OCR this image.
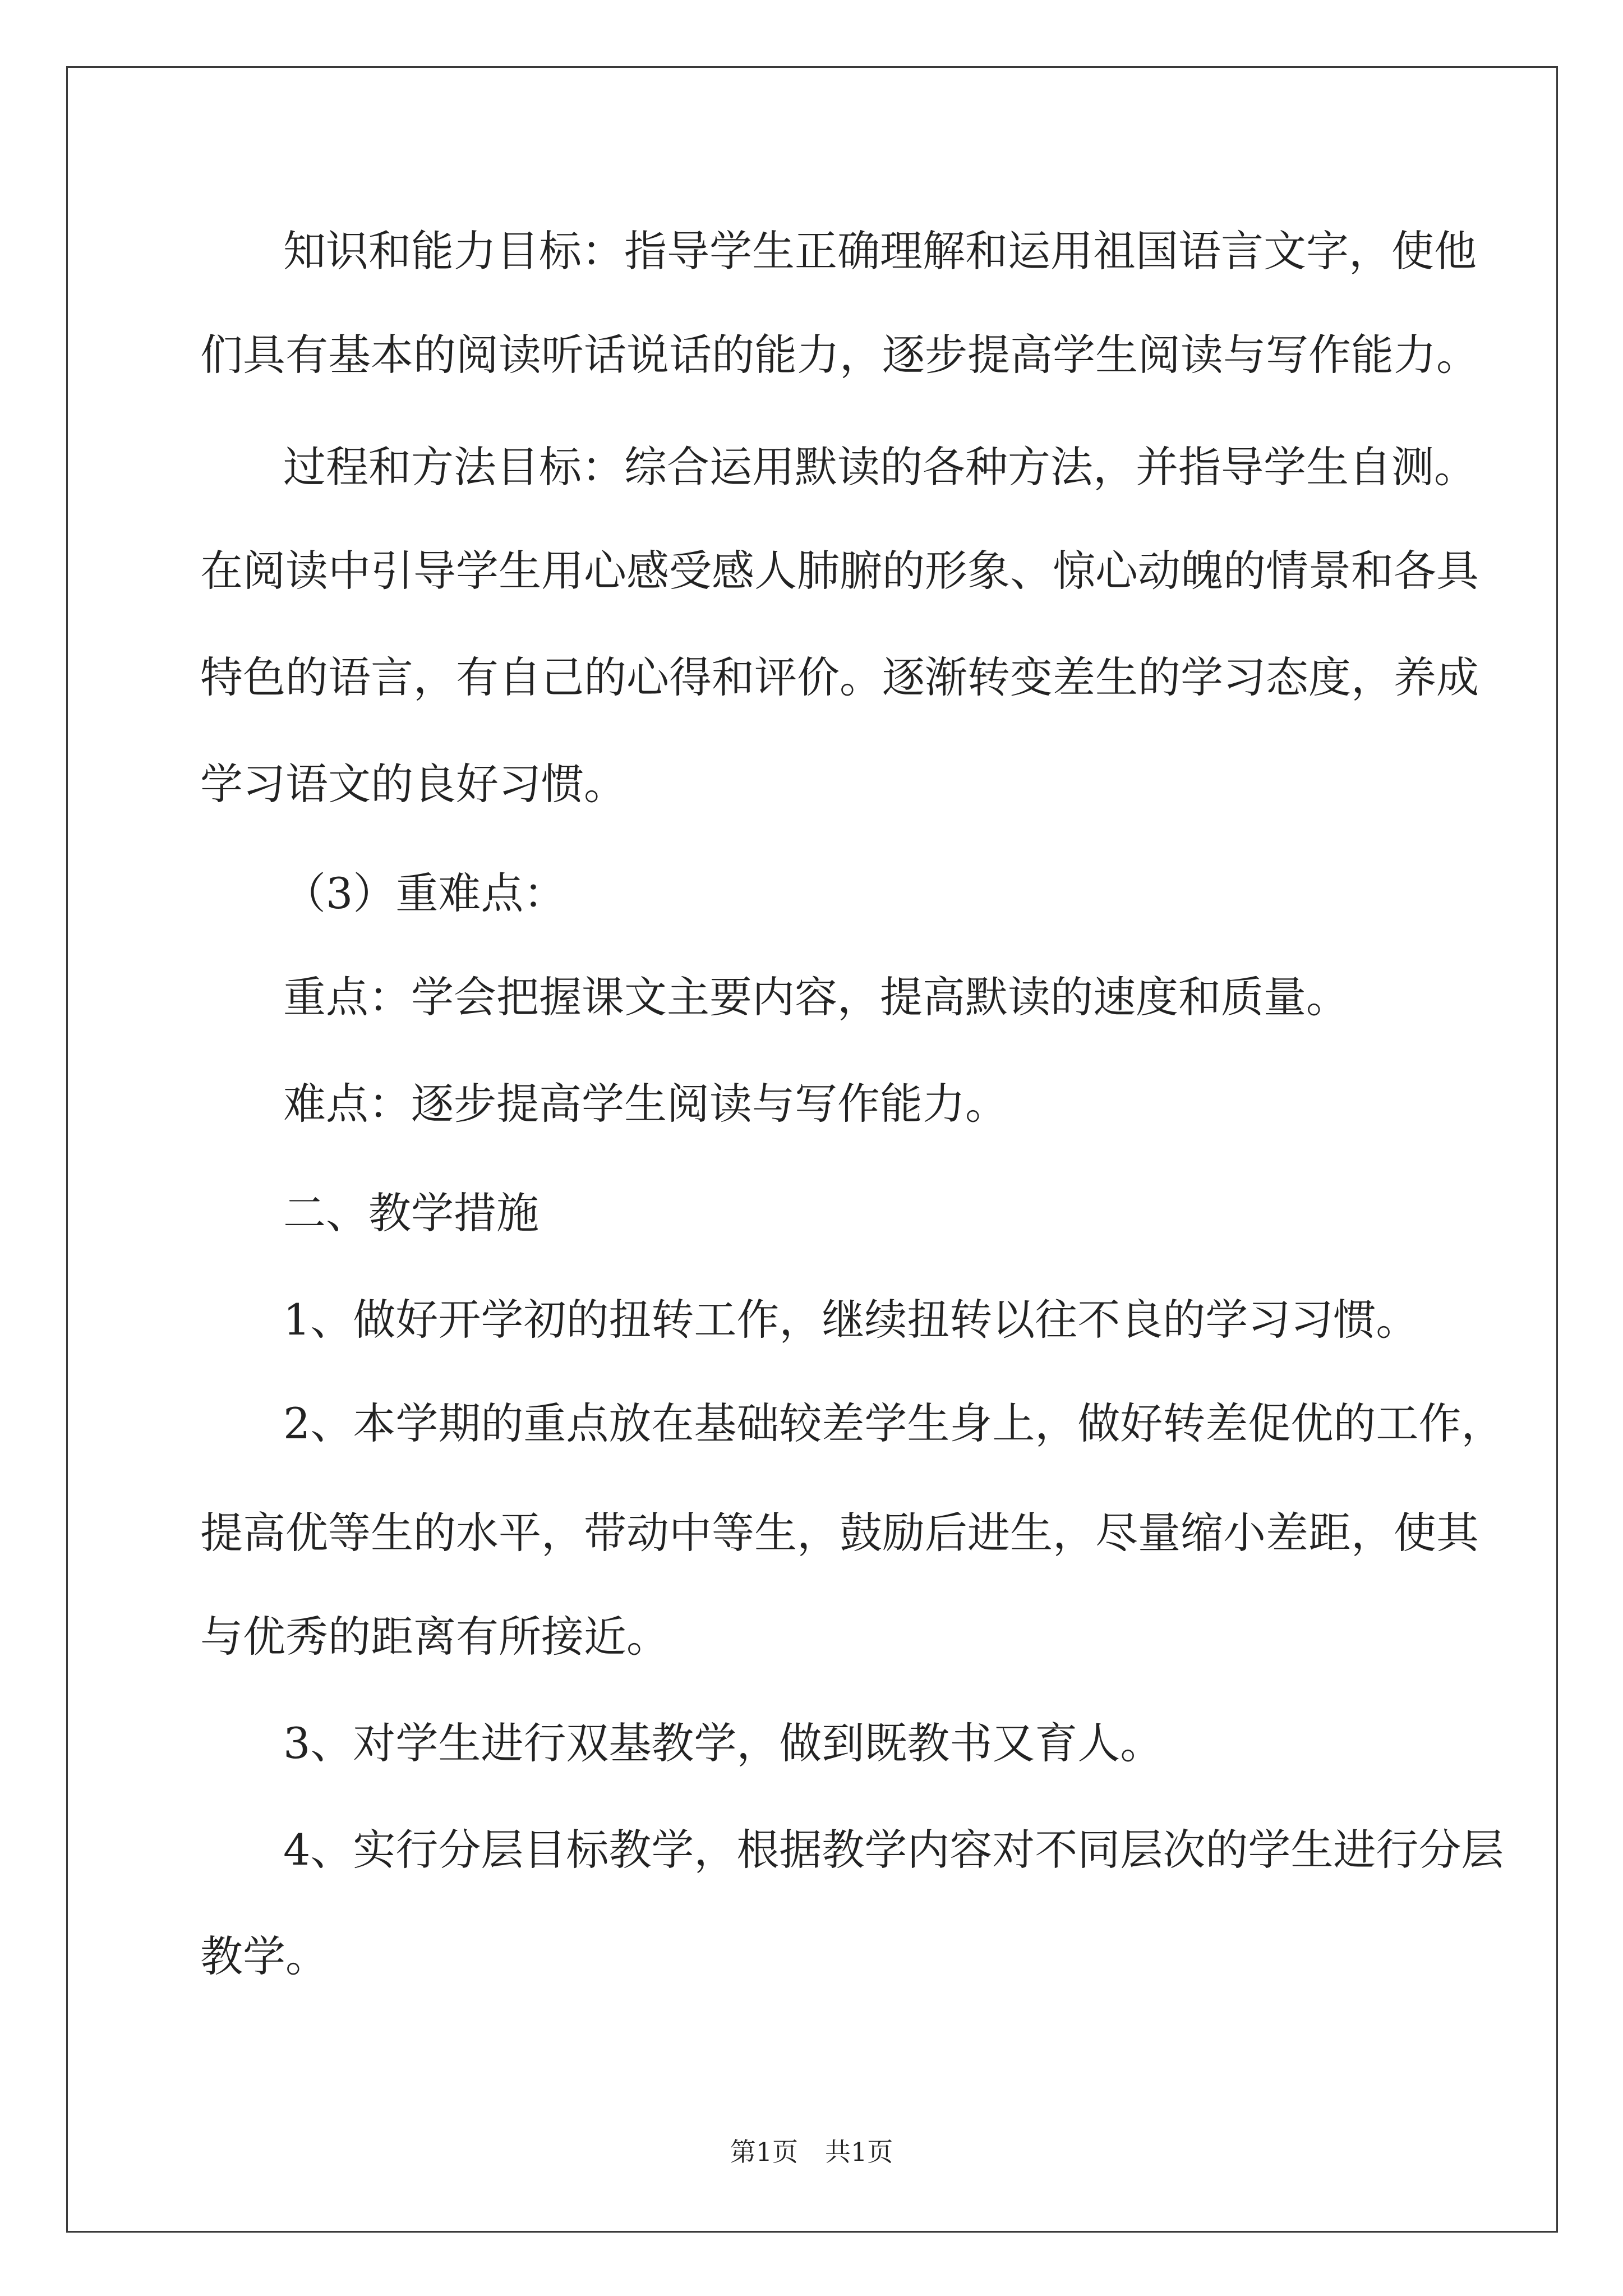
知识和能力目标：指导学生正确理解和运用祖国语言文字，使他
们具有基本的阅读听话说话的能力，逐步提高学生阅读与写作能力。
过程和方法目标：综合运用默读的各种方法，并指导学生自测。
在阅读中引导学生用心感受感人肺腑的形象、惊心动魄的情景和各具
特色的语言，有自己的心得和评价。逐渐转变差生的学习态度，养成
学习语文的良好习惯。
（3）重难点：
重点：学会把握课文主要内容，提高默读的速度和质量。
难点：逐步提高学生阅读与写作能力。
二、教学措施
1、做好开学初的扭转工作，继续扭转以往不良的学习习惯。
2、本学期的重点放在基础较差学生身上，做好转差促优的工作，
提高优等生的水平，带动中等生，鼓励后进生，尽量缩小差距，使其
与优秀的距离有所接近。
3、对学生进行双基教学，做到既教书又育人。
4、实行分层目标教学，根据教学内容对不同层次的学生进行分层
教学。
第1页 共1页
